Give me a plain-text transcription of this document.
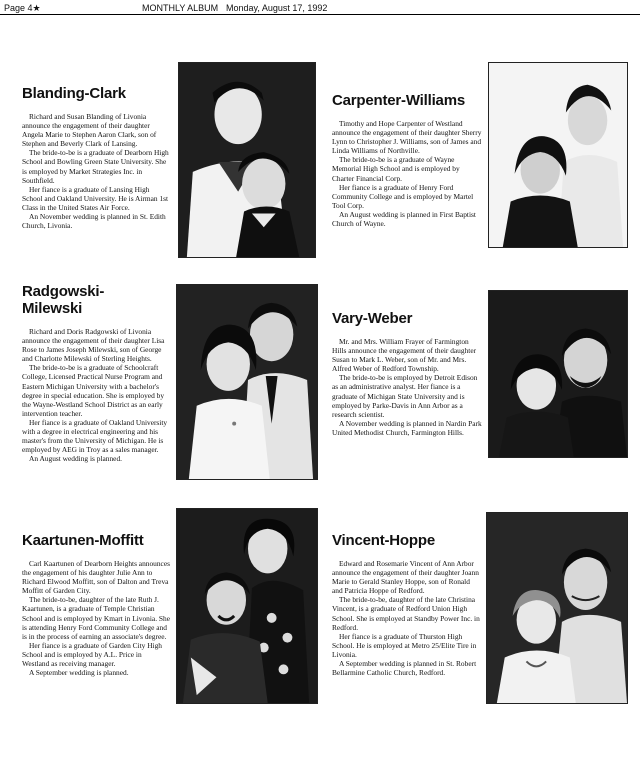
Page 4★	MONTHLY ALBUM Monday, August 17, 1992
Blanding-Clark

Richard and Susan Blanding of Livonia announce the engagement of their daughter Angela Marie to Stephen Aaron Clark, son of Stephen and Beverly Clark of Lansing.

The bride-to-be is a graduate of Dearborn High School and Bowling Green State University. She is employed by Market Strategies Inc. in Southfield.

Her fiance is a graduate of Lansing High School and Oakland University. He is Airman 1st Class in the United States Air Force.

An November wedding is planned in St. Edith Church, Livonia.

Carpenter-Williams

Timothy and Hope Carpenter of Westland announce the engagement of their daughter Sherry Lynn to Christopher J. Williams, son of James and Linda Williams of Northville.

The bride-to-be is a graduate of Wayne Memorial High School and is employed by Charter Financial Corp.

Her fiance is a graduate of Henry Ford Community College and is employed by Martel Tool Corp.

An August wedding is planned in First Baptist Church of Wayne.

Radgowski-
Milewski

Richard and Doris Radgowski of Livonia announce the engagement of their daughter Lisa Rose to James Joseph Milewski, son of George and Charlotte Milewski of Sterling Heights.

The bride-to-be is a graduate of Schoolcraft College, Licensed Practical Nurse Program and Eastern Michigan University with a bachelor's degree in special education. She is employed by the Wayne-Westland School District as an early intervention teacher.

Her fiance is a graduate of Oakland University with a degree in electrical engineering and his master's from the University of Michigan. He is employed by AEG in Troy as a sales manager.

An August wedding is planned.

Vary-Weber

Mr. and Mrs. William Frayer of Farmington Hills announce the engagement of their daughter Susan to Mark L. Weber, son of Mr. and Mrs. Alfred Weber of Redford Township.

The bride-to-be is employed by Detroit Edison as an administrative analyst. Her fiance is a graduate of Michigan State University and is employed by Parke-Davis in Ann Arbor as a research scientist.

A November wedding is planned in Nardin Park United Methodist Church, Farmington Hills.

Kaartunen-Moffitt

Carl Kaartunen of Dearborn Heights announces the engagement of his daughter Julie Ann to Richard Elwood Moffitt, son of Dalton and Treva Moffitt of Garden City.

The bride-to-be, daughter of the late Ruth J. Kaartunen, is a graduate of Temple Christian School and is employed by Kmart in Livonia. She is attending Henry Ford Community College and is in the process of earning an associate's degree.

Her fiance is a graduate of Garden City High School and is employed by A.L. Price in Westland as receiving manager.

A September wedding is planned.

Vincent-Hoppe

Edward and Rosemarie Vincent of Ann Arbor announce the engagement of their daughter Joann Marie to Gerald Stanley Hoppe, son of Ronald and Patricia Hoppe of Redford.

The bride-to-be, daughter of the late Christina Vincent, is a graduate of Redford Union High School. She is employed at Standby Power Inc. in Redford.

Her fiance is a graduate of Thurston High School. He is employed at Metro 25/Elite Tire in Livonia.

A September wedding is planned in St. Robert Bellarmine Catholic Church, Redford.
